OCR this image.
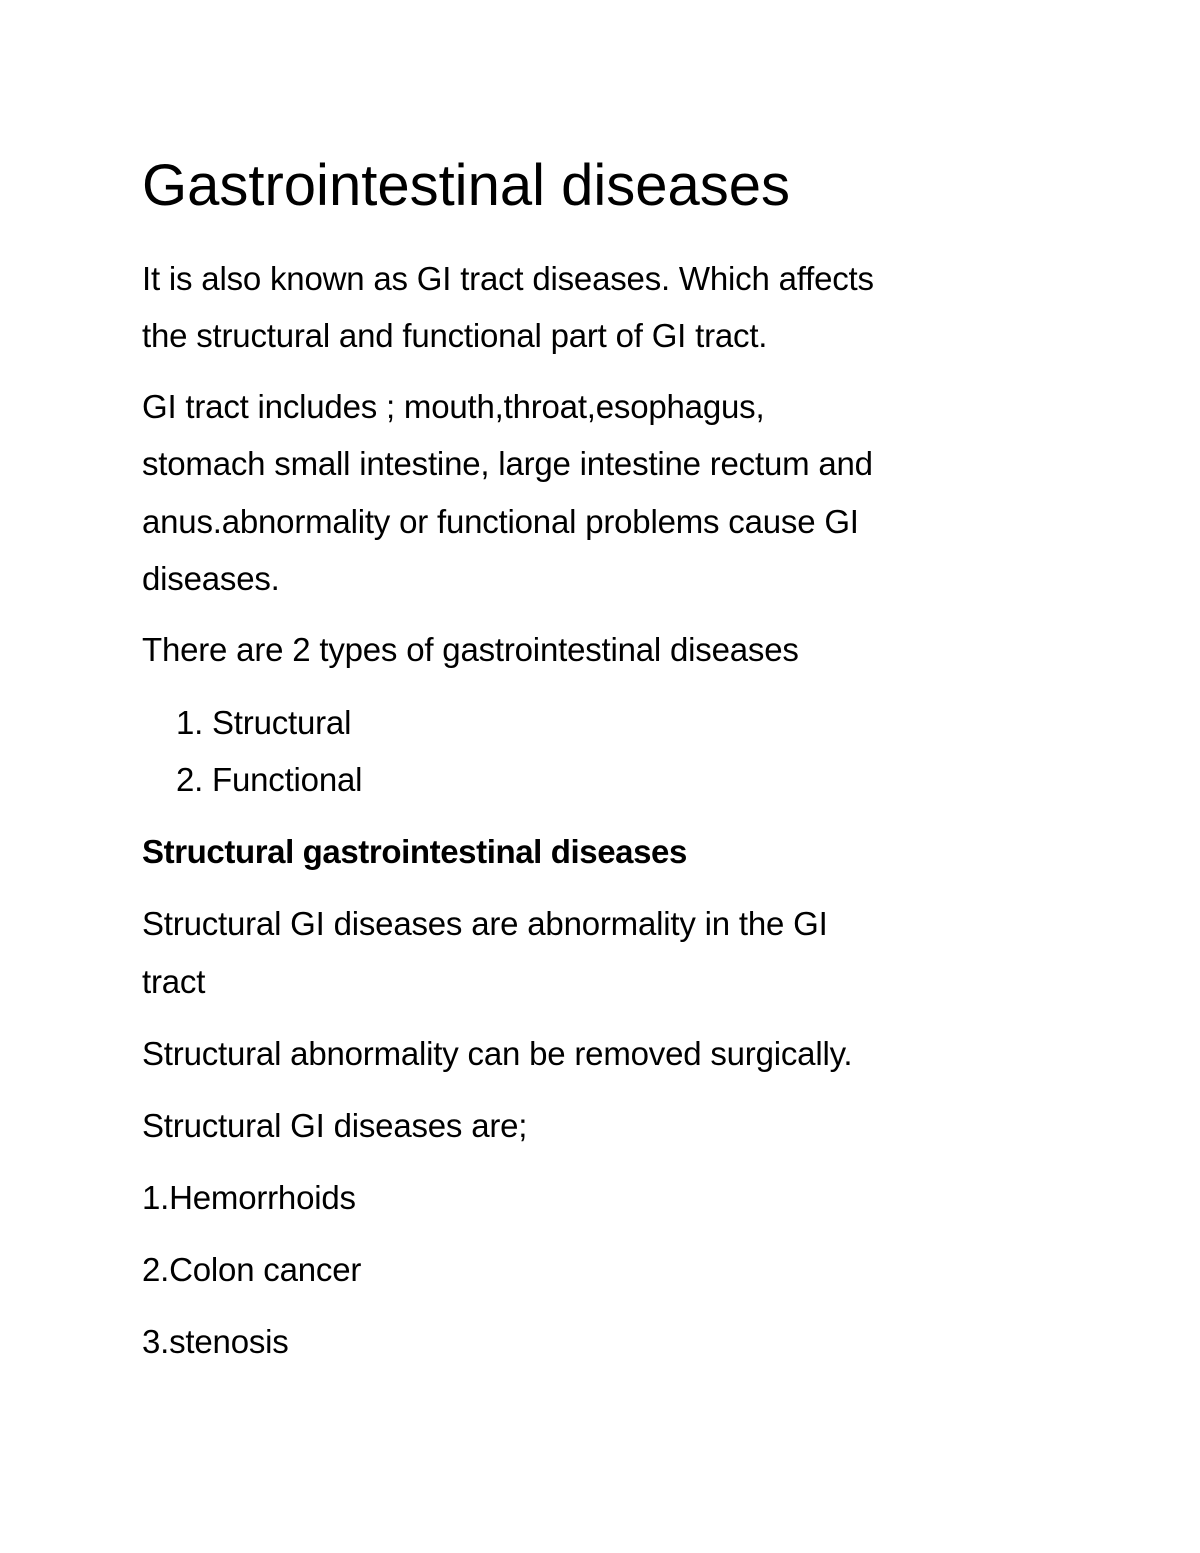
Gastrointestinal diseases
It is also known as GI tract diseases. Which affects
the structural and functional part of GI tract.
GI tract includes ; mouth,throat,esophagus,
stomach small intestine, large intestine rectum and
anus.abnormality or functional problems cause GI
diseases.
There are 2 types of gastrointestinal diseases
1. Structural
2. Functional
Structural gastrointestinal diseases
Structural GI diseases are abnormality in the GI
tract
Structural abnormality can be removed surgically.
Structural GI diseases are;
1.Hemorrhoids
2.Colon cancer
3.stenosis
